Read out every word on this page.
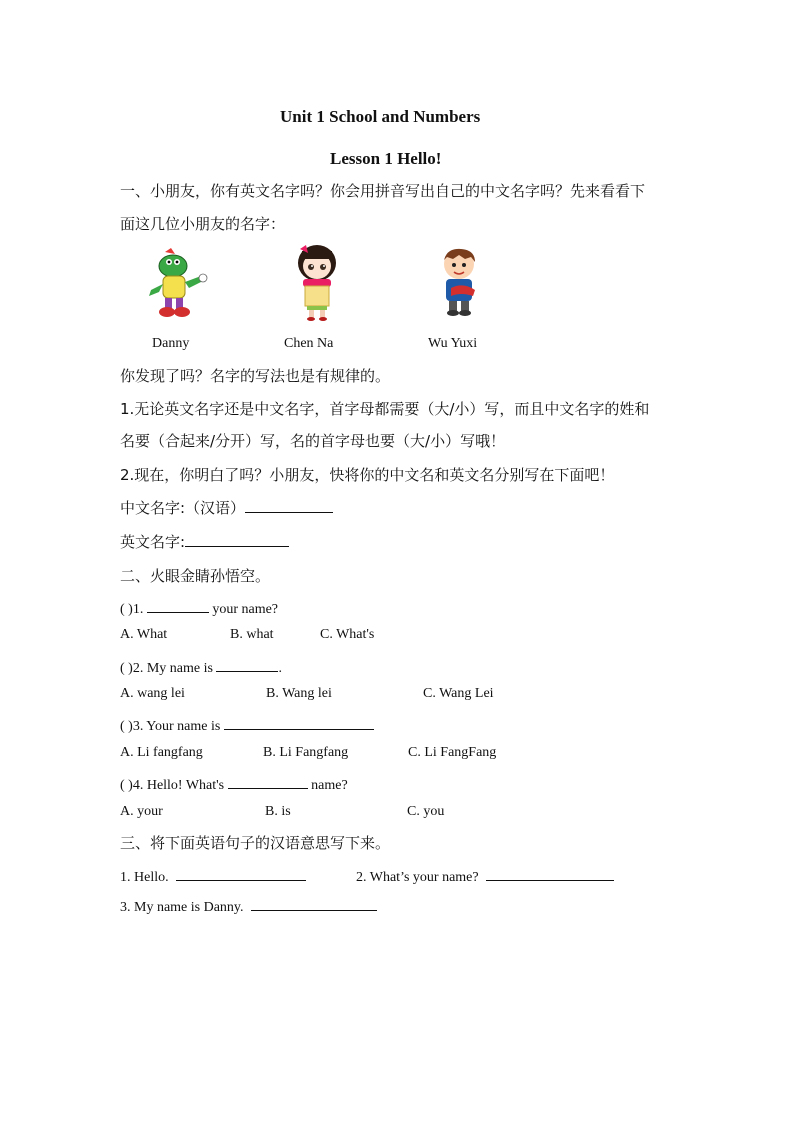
Unit 1 School and Numbers
Lesson 1 Hello!
一、小朋友，你有英文名字吗？你会用拼音写出自己的中文名字吗？先来看看下
面这几位小朋友的名字：
Danny	Chen Na	Wu Yuxi
你发现了吗？名字的写法也是有规律的。
1.无论英文名字还是中文名字，首字母都需要（大/小）写，而且中文名字的姓和
名要（合起来/分开）写，名的首字母也要（大/小）写哦！
2.现在，你明白了吗？小朋友，快将你的中文名和英文名分别写在下面吧！
中文名字:（汉语）
英文名字:
二、火眼金睛孙悟空。
( )1.	your name?
A. What	B. what	C. What's
( )2. My name is	.
A. wang lei	B. Wang lei	C. Wang Lei
( )3. Your name is
A. Li fangfang	B. Li Fangfang	C. Li FangFang
( )4. Hello! What's	name?
A. your	B. is	C. you
三、将下面英语句子的汉语意思写下来。
1. Hello.	2. What’s your name?
3. My name is Danny.
